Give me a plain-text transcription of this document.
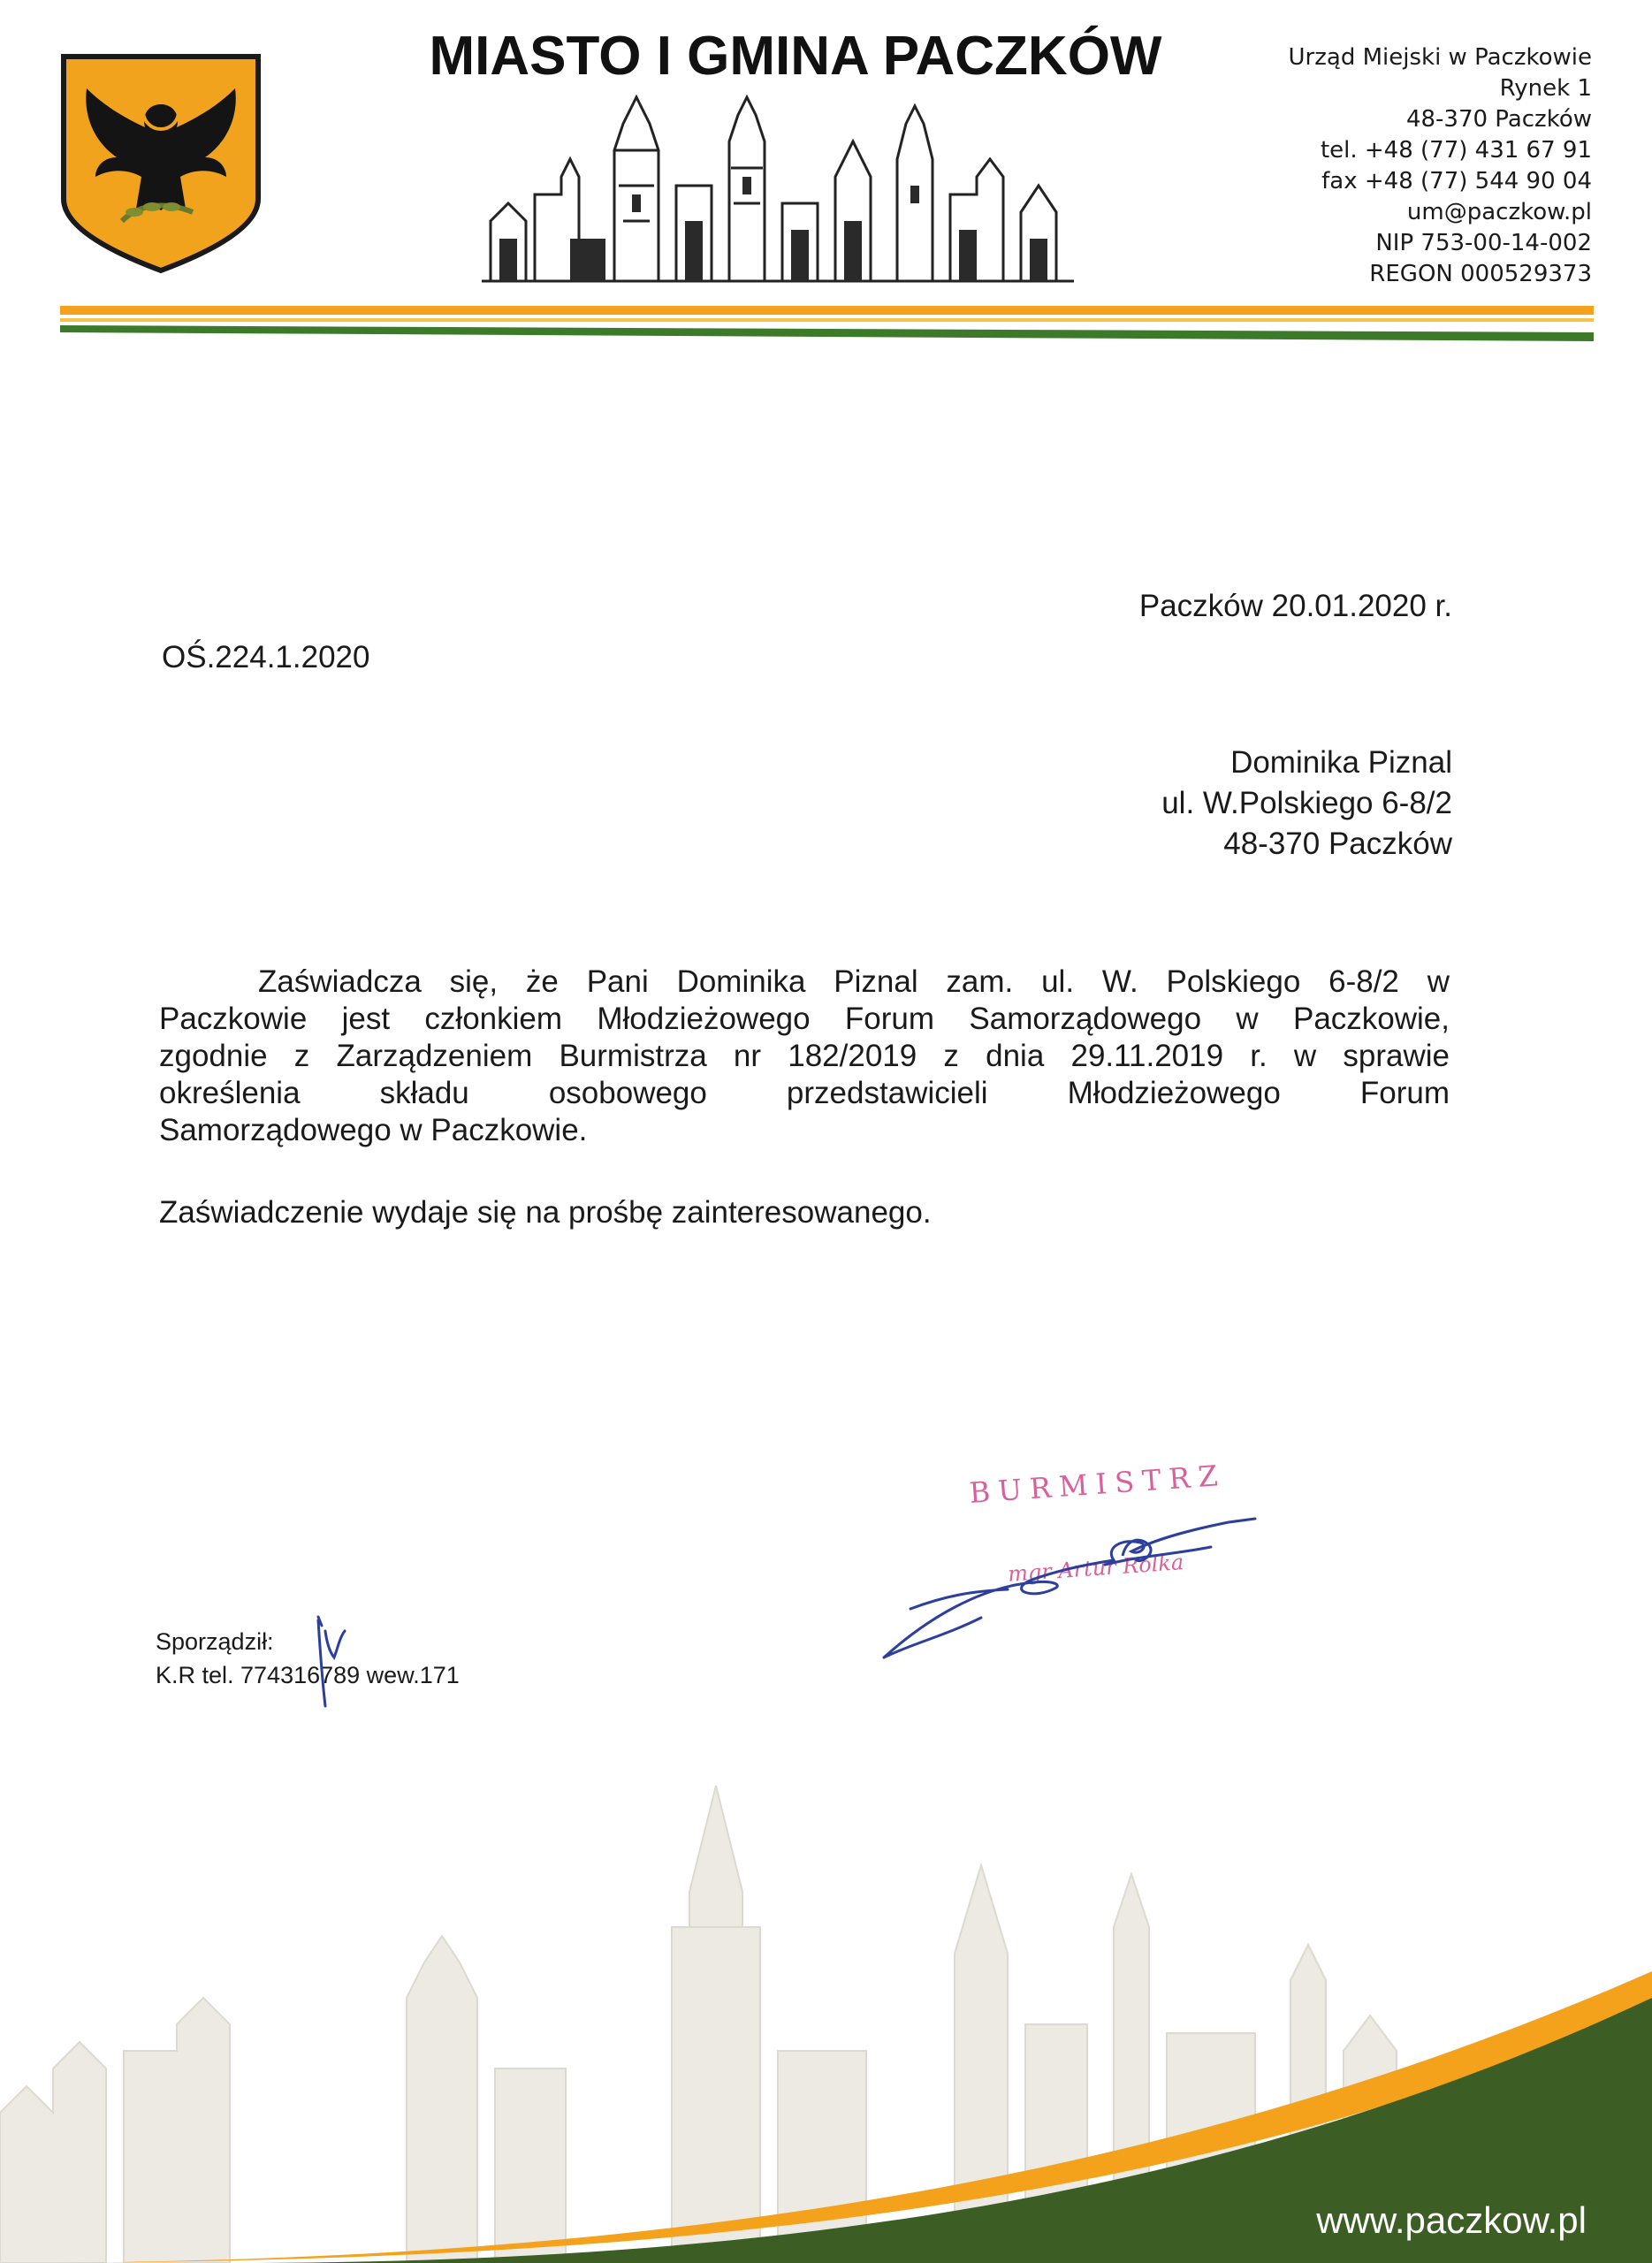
MIASTO I GMINA PACZKÓW	Urząd Miejski w Paczkowie
Rynek 1
48-370 Paczków
tel. +48 (77) 431 67 91
fax +48 (77) 544 90 04
um@paczkow.pl
NIP 753-00-14-002
REGON 000529373
Paczków 20.01.2020 r.
OŚ.224.1.2020
Dominika Piznal
ul. W.Polskiego 6-8/2
48-370 Paczków
Zaświadcza się, że Pani Dominika Piznal zam. ul. W. Polskiego 6-8/2 w
Paczkowie jest członkiem Młodzieżowego Forum Samorządowego w Paczkowie,
zgodnie z Zarządzeniem Burmistrza nr 182/2019 z dnia 29.11.2019 r. w sprawie
określenia składu osobowego przedstawicieli Młodzieżowego Forum
Samorządowego w Paczkowie.
Zaświadczenie wydaje się na prośbę zainteresowanego.
BURMISTRZ
mgr Artur Rolka
Sporządził:
K.R tel. 774316789 wew.171
www.paczkow.pl
